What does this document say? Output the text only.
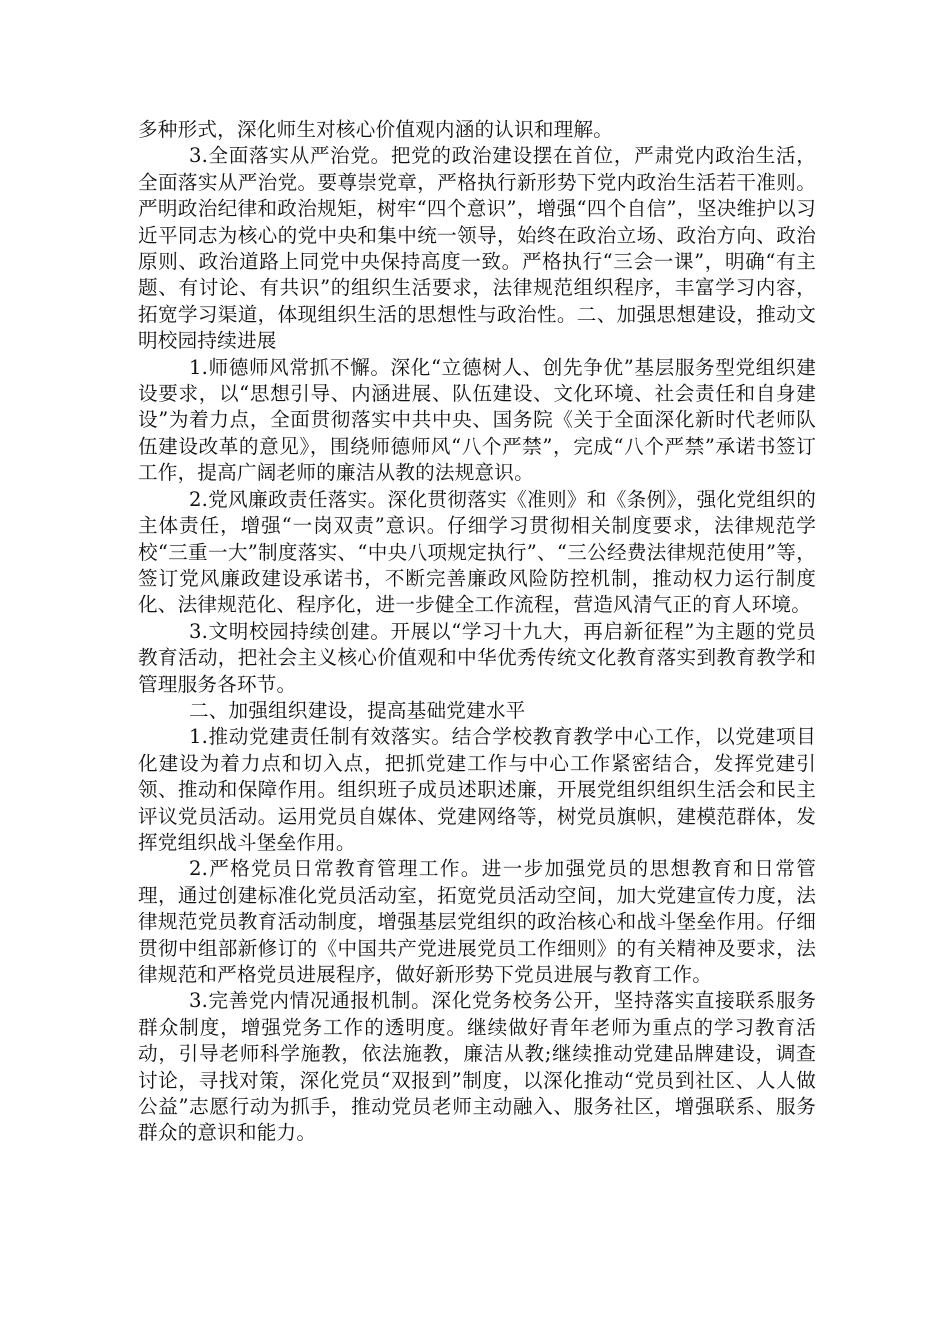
多种形式，深化师生对核心价值观内涵的认识和理解。

3.全面落实从严治党。把党的政治建设摆在首位，严肃党内政治生活，全面落实从严治党。要尊崇党章，严格执行新形势下党内政治生活若干准则。严明政治纪律和政治规矩，树牢“四个意识”，增强“四个自信”，坚决维护以习近平同志为核心的党中央和集中统一领导，始终在政治立场、政治方向、政治原则、政治道路上同党中央保持高度一致。严格执行“三会一课”，明确“有主题、有讨论、有共识”的组织生活要求，法律规范组织程序，丰富学习内容，拓宽学习渠道，体现组织生活的思想性与政治性。二、加强思想建设，推动文明校园持续进展

1.师德师风常抓不懈。深化“立德树人、创先争优”基层服务型党组织建设要求，以“思想引导、内涵进展、队伍建设、文化环境、社会责任和自身建设”为着力点，全面贯彻落实中共中央、国务院《关于全面深化新时代老师队伍建设改革的意见》，围绕师德师风“八个严禁”，完成“八个严禁”承诺书签订工作，提高广阔老师的廉洁从教的法规意识。

2.党风廉政责任落实。深化贯彻落实《准则》和《条例》，强化党组织的主体责任，增强“一岗双责”意识。仔细学习贯彻相关制度要求，法律规范学校“三重一大”制度落实、“中央八项规定执行”、“三公经费法律规范使用”等，签订党风廉政建设承诺书，不断完善廉政风险防控机制，推动权力运行制度化、法律规范化、程序化，进一步健全工作流程，营造风清气正的育人环境。

3.文明校园持续创建。开展以“学习十九大，再启新征程”为主题的党员教育活动，把社会主义核心价值观和中华优秀传统文化教育落实到教育教学和管理服务各环节。

二、加强组织建设，提高基础党建水平

1.推动党建责任制有效落实。结合学校教育教学中心工作，以党建项目化建设为着力点和切入点，把抓党建工作与中心工作紧密结合，发挥党建引领、推动和保障作用。组织班子成员述职述廉，开展党组织组织生活会和民主评议党员活动。运用党员自媒体、党建网络等，树党员旗帜，建模范群体，发挥党组织战斗堡垒作用。

2.严格党员日常教育管理工作。进一步加强党员的思想教育和日常管理，通过创建标准化党员活动室，拓宽党员活动空间，加大党建宣传力度，法律规范党员教育活动制度，增强基层党组织的政治核心和战斗堡垒作用。仔细贯彻中组部新修订的《中国共产党进展党员工作细则》的有关精神及要求，法律规范和严格党员进展程序，做好新形势下党员进展与教育工作。

3.完善党内情况通报机制。深化党务校务公开，坚持落实直接联系服务群众制度，增强党务工作的透明度。继续做好青年老师为重点的学习教育活动，引导老师科学施教，依法施教，廉洁从教;继续推动党建品牌建设，调查讨论，寻找对策，深化党员“双报到”制度，以深化推动“党员到社区、人人做公益”志愿行动为抓手，推动党员老师主动融入、服务社区，增强联系、服务群众的意识和能力。
